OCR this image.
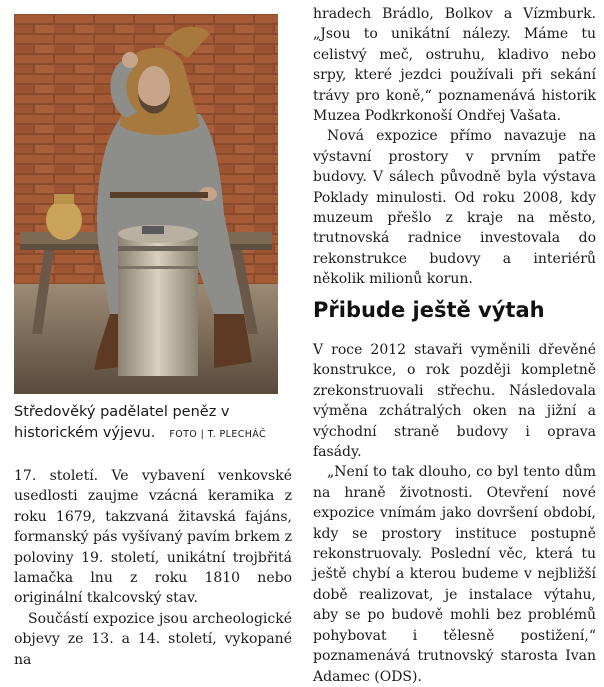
Středověký padělatel peněz v historickém výjevu. FOTO | T. PLECHÁČ

17. století. Ve vybavení venkovské usedlosti zaujme vzácná keramika z roku 1679, takzvaná žitavská fajáns, formanský pás vyšívaný pavím brkem z poloviny 19. století, unikátní trojbřitá lamačka lnu z roku 1810 nebo originální tkalcovský stav.

Součástí expozice jsou archeologické objevy ze 13. a 14. století, vykopané na

hradech Brádlo, Bolkov a Vízmburk. „Jsou to unikátní nálezy. Máme tu celistvý meč, ostruhu, kladivo nebo srpy, které jezdci používali při sekání trávy pro koně,“ poznamenává historik Muzea Podkrkonoší Ondřej Vašata.

Nová expozice přímo navazuje na výstavní prostory v prvním patře budovy. V sálech původně byla výstava Poklady minulosti. Od roku 2008, kdy muzeum přešlo z kraje na město, trutnovská radnice investovala do rekonstrukce budovy a interiérů několik milionů korun.

Přibude ještě výtah

V roce 2012 stavaři vyměnili dřevěné konstrukce, o rok později kompletně zrekonstruovali střechu. Následovala výměna zchátralých oken na jižní a východní straně budovy i oprava fasády.

„Není to tak dlouho, co byl tento dům na hraně životnosti. Otevření nové expozice vnímám jako dovršení období, kdy se prostory instituce postupně rekonstruovaly. Poslední věc, která tu ještě chybí a kterou budeme v nejbližší době realizovat, je instalace výtahu, aby se po budově mohli bez problémů pohybovat i tělesně postižení,“ poznamenává trutnovský starosta Ivan Adamec (ODS).
